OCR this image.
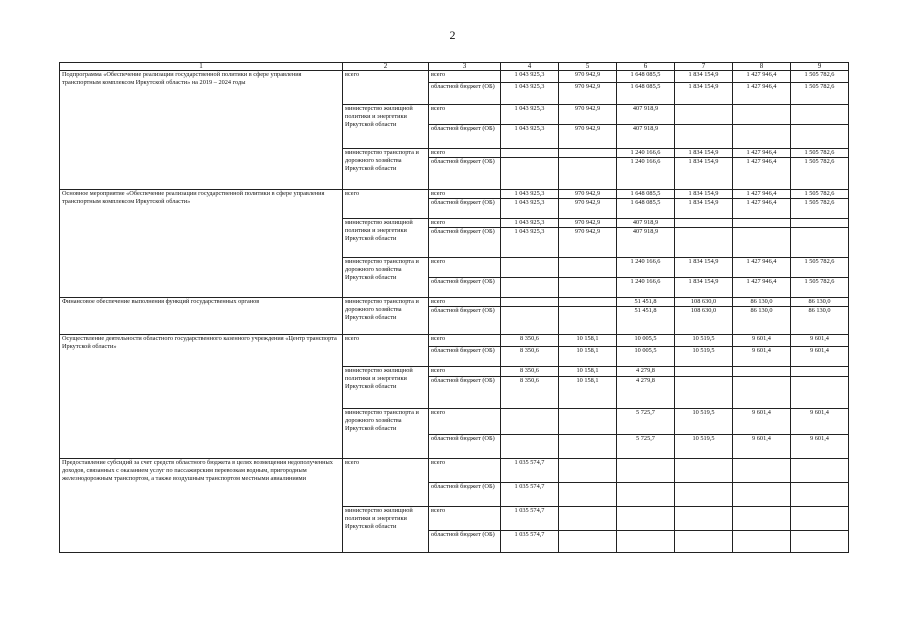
2
1	2	3	4	5	6	7	8	9
Подпрограмма «Обеспечение реализации государственной политики в сфере управления транспортным комплексом Иркутской области» на 2019 – 2024 годы	всего	всего	1 043 925,3	970 942,9	1 648 085,5	1 834 154,9	1 427 946,4	1 505 782,6
		областной бюджет (ОБ)	1 043 925,3	970 942,9	1 648 085,5	1 834 154,9	1 427 946,4	1 505 782,6
	министерство жилищной политики и энергетики Иркутской области	всего	1 043 925,3	970 942,9	407 918,9			
		областной бюджет (ОБ)	1 043 925,3	970 942,9	407 918,9			
	министерство транспорта и дорожного хозяйства Иркутской области	всего			1 240 166,6	1 834 154,9	1 427 946,4	1 505 782,6
		областной бюджет (ОБ)			1 240 166,6	1 834 154,9	1 427 946,4	1 505 782,6
Основное мероприятие «Обеспечение реализации государственной политики в сфере управления транспортным комплексом Иркутской области»	всего	всего	1 043 925,3	970 942,9	1 648 085,5	1 834 154,9	1 427 946,4	1 505 782,6
		областной бюджет (ОБ)	1 043 925,3	970 942,9	1 648 085,5	1 834 154,9	1 427 946,4	1 505 782,6
	министерство жилищной политики и энергетики Иркутской области	всего	1 043 925,3	970 942,9	407 918,9			
		областной бюджет (ОБ)	1 043 925,3	970 942,9	407 918,9			
	министерство транспорта и дорожного хозяйства Иркутской области	всего			1 240 166,6	1 834 154,9	1 427 946,4	1 505 782,6
		областной бюджет (ОБ)			1 240 166,6	1 834 154,9	1 427 946,4	1 505 782,6
Финансовое обеспечение выполнения функций государственных органов	министерство транспорта и дорожного хозяйства Иркутской области	всего			51 451,8	108 630,0	86 130,0	86 130,0
		областной бюджет (ОБ)			51 451,8	108 630,0	86 130,0	86 130,0
Осуществление деятельности областного государственного казенного учреждения «Центр транспорта Иркутской области»	всего	всего	8 350,6	10 158,1	10 005,5	10 519,5	9 601,4	9 601,4
		областной бюджет (ОБ)	8 350,6	10 158,1	10 005,5	10 519,5	9 601,4	9 601,4
	министерство жилищной политики и энергетики Иркутской области	всего	8 350,6	10 158,1	4 279,8			
		областной бюджет (ОБ)	8 350,6	10 158,1	4 279,8			
	министерство транспорта и дорожного хозяйства Иркутской области	всего			5 725,7	10 519,5	9 601,4	9 601,4
		областной бюджет (ОБ)			5 725,7	10 519,5	9 601,4	9 601,4
Предоставление субсидий за счет средств областного бюджета в целях возмещения недополученных доходов, связанных с оказанием услуг по пассажирским перевозкам водным, пригородным железнодорожным транспортом, а также воздушным транспортом местными авиалиниями	всего	всего	1 035 574,7					
		областной бюджет (ОБ)	1 035 574,7					
	министерство жилищной политики и энергетики Иркутской области	всего	1 035 574,7					
		областной бюджет (ОБ)	1 035 574,7					
